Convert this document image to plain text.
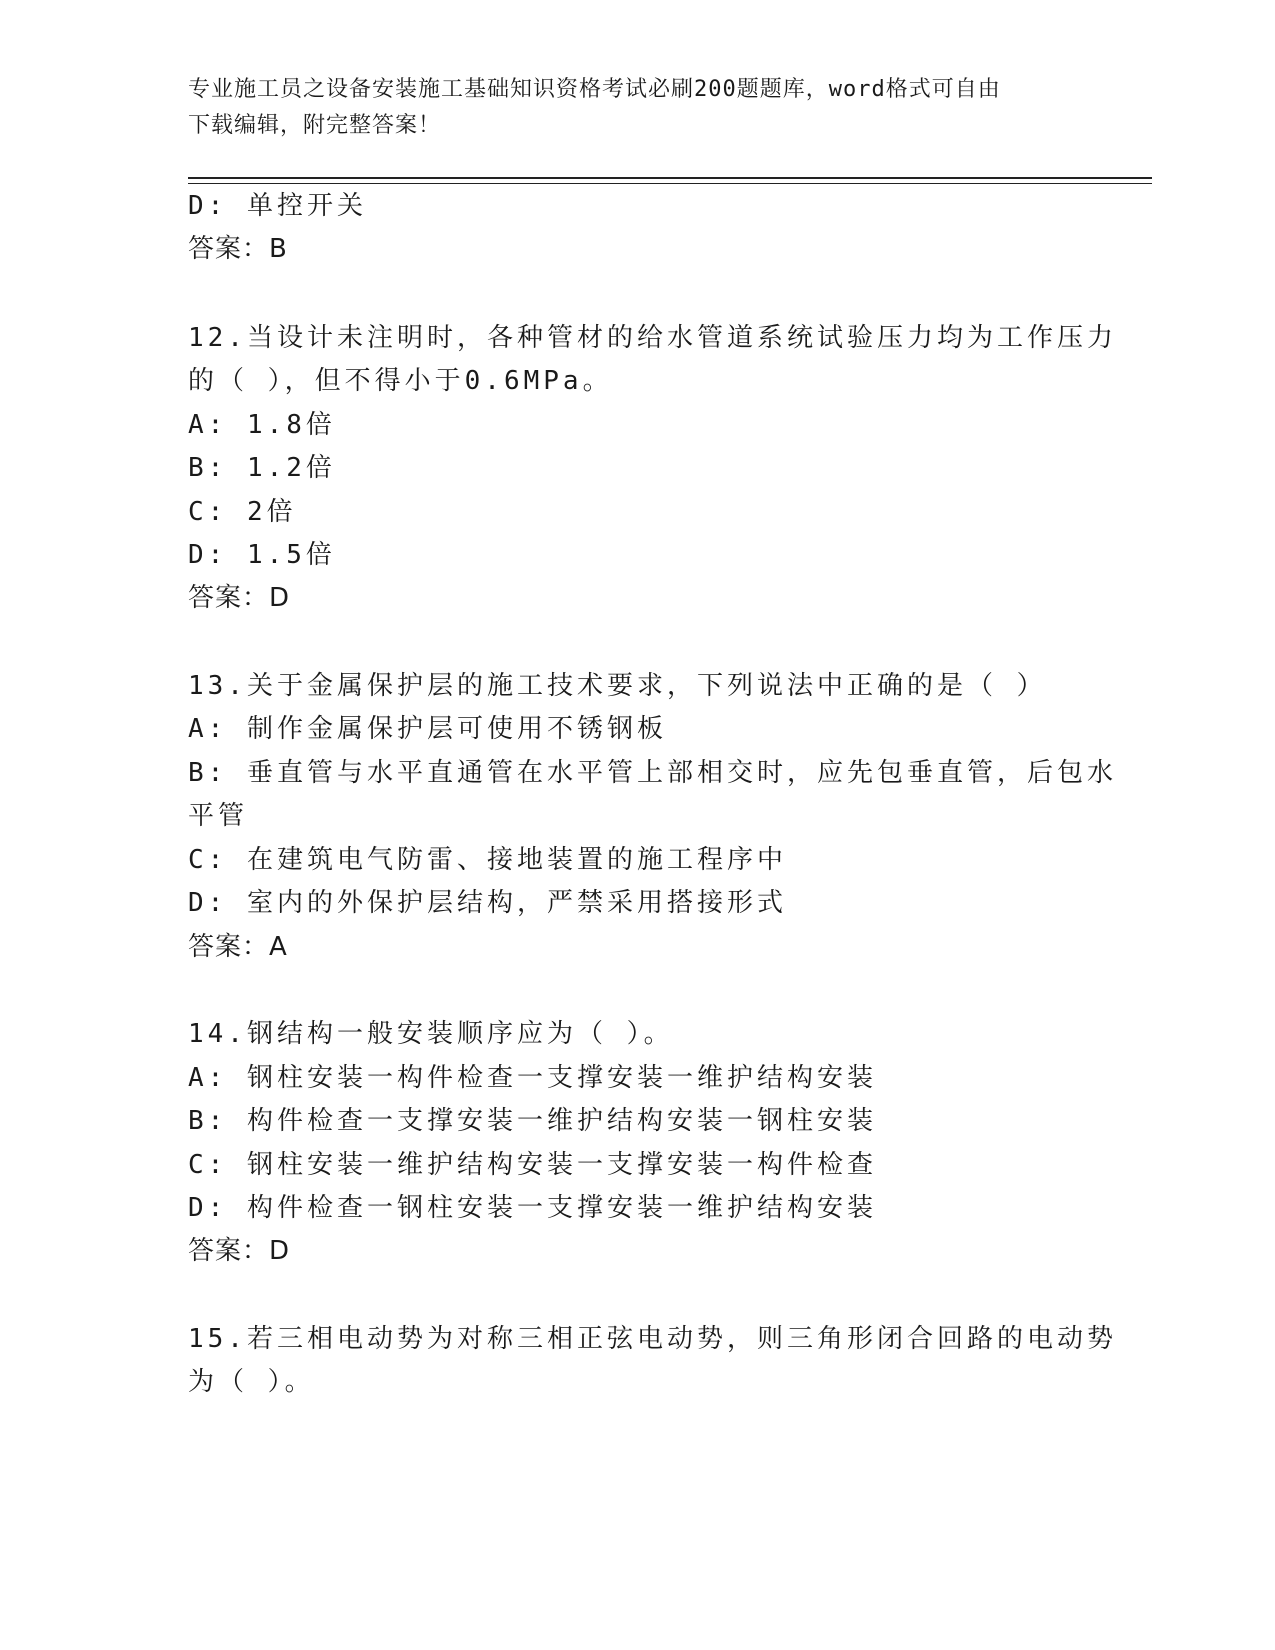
专业施工员之设备安装施工基础知识资格考试必刷200题题库，word格式可自由
下载编辑，附完整答案！
D: 单控开关
答案：B
12.当设计未注明时，各种管材的给水管道系统试验压力均为工作压力
的（ ），但不得小于0.6MPa。
A: 1.8倍
B: 1.2倍
C: 2倍
D: 1.5倍
答案：D
13.关于金属保护层的施工技术要求，下列说法中正确的是（ ）
A: 制作金属保护层可使用不锈钢板
B: 垂直管与水平直通管在水平管上部相交时，应先包垂直管，后包水
平管
C: 在建筑电气防雷、接地装置的施工程序中
D: 室内的外保护层结构，严禁采用搭接形式
答案：A
14.钢结构一般安装顺序应为（ ）。
A: 钢柱安装一构件检查一支撑安装一维护结构安装
B: 构件检查一支撑安装一维护结构安装一钢柱安装
C: 钢柱安装一维护结构安装一支撑安装一构件检查
D: 构件检查一钢柱安装一支撑安装一维护结构安装
答案：D
15.若三相电动势为对称三相正弦电动势，则三角形闭合回路的电动势
为（ ）。
